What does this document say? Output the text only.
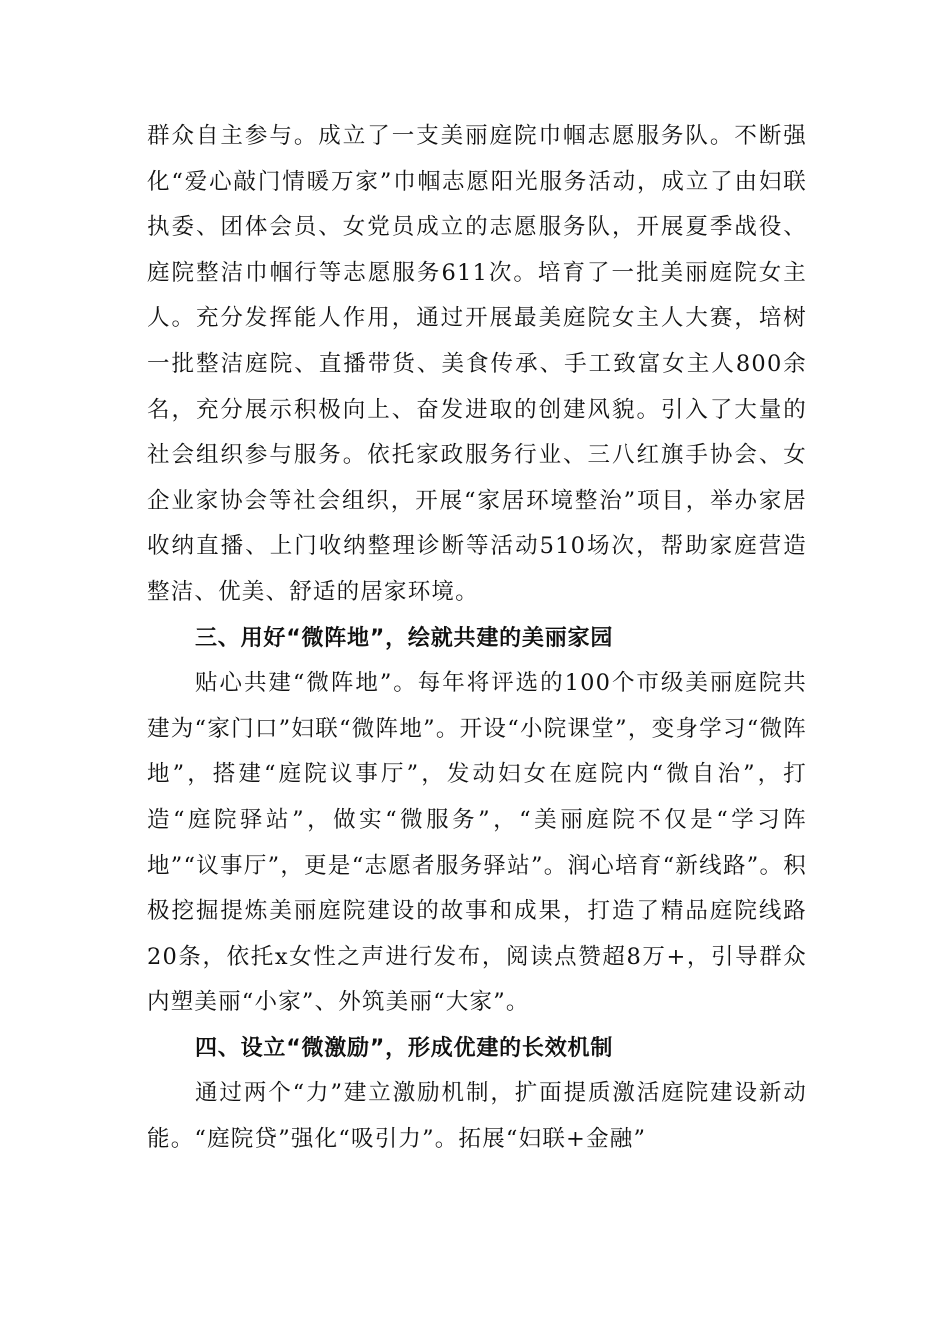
群众自主参与。成立了一支美丽庭院巾帼志愿服务队。不断强化“爱心敲门情暖万家”巾帼志愿阳光服务活动，成立了由妇联执委、团体会员、女党员成立的志愿服务队，开展夏季战役、庭院整洁巾帼行等志愿服务611次。培育了一批美丽庭院女主人。充分发挥能人作用，通过开展最美庭院女主人大赛，培树一批整洁庭院、直播带货、美食传承、手工致富女主人800余名，充分展示积极向上、奋发进取的创建风貌。引入了大量的社会组织参与服务。依托家政服务行业、三八红旗手协会、女企业家协会等社会组织，开展“家居环境整治”项目，举办家居收纳直播、上门收纳整理诊断等活动510场次，帮助家庭营造整洁、优美、舒适的居家环境。

三、用好“微阵地”，绘就共建的美丽家园

贴心共建“微阵地”。每年将评选的100个市级美丽庭院共建为“家门口”妇联“微阵地”。开设“小院课堂”，变身学习“微阵地”，搭建“庭院议事厅”，发动妇女在庭院内“微自治”，打造“庭院驿站”，做实“微服务”，“美丽庭院不仅是“学习阵地”“议事厅”，更是“志愿者服务驿站”。润心培育“新线路”。积极挖掘提炼美丽庭院建设的故事和成果，打造了精品庭院线路20条，依托x女性之声进行发布，阅读点赞超8万+，引导群众内塑美丽“小家”、外筑美丽“大家”。

四、设立“微激励”，形成优建的长效机制

通过两个“力”建立激励机制，扩面提质激活庭院建设新动能。“庭院贷”强化“吸引力”。拓展“妇联+金融”
